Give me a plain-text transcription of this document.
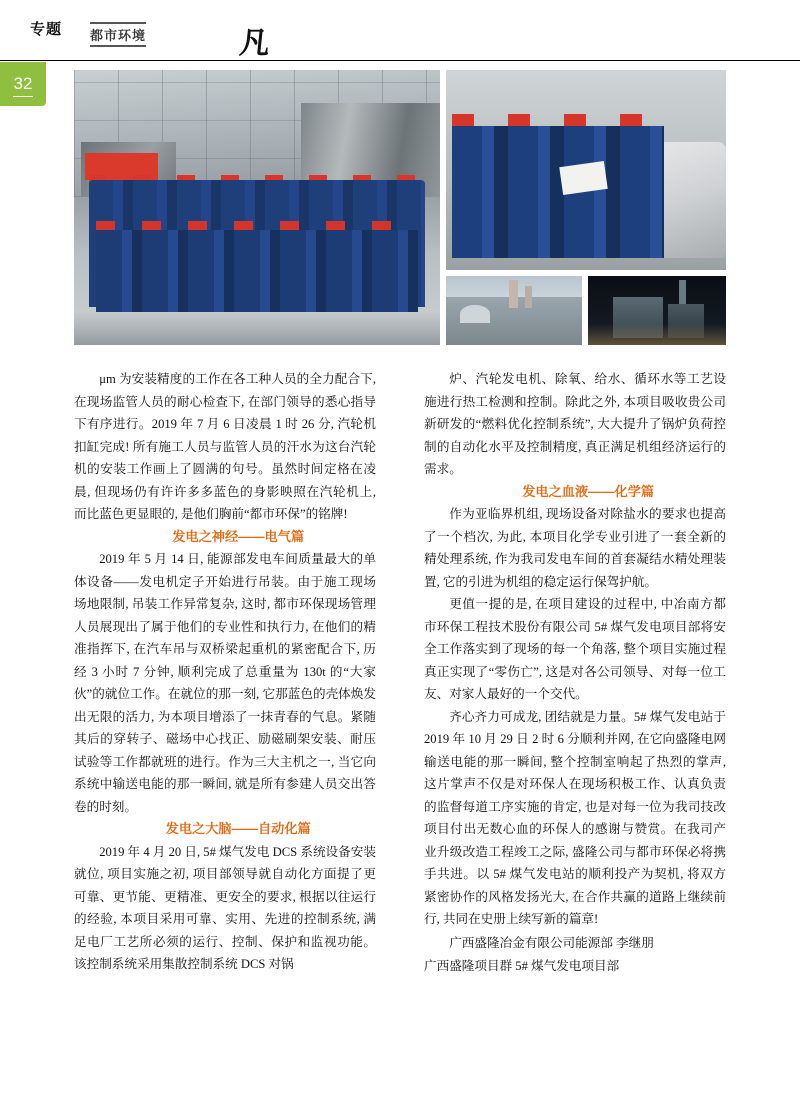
专题 都市环境	凡
32

μm 为安装精度的工作在各工种人员的全力配合下, 在现场监管人员的耐心检查下, 在部门领导的悉心指导下有序进行。2019 年 7 月 6 日凌晨 1 时 26 分, 汽轮机扣缸完成! 所有施工人员与监管人员的汗水为这台汽轮机的安装工作画上了圆满的句号。虽然时间定格在凌晨, 但现场仍有许许多多蓝色的身影映照在汽轮机上, 而比蓝色更显眼的, 是他们胸前“都市环保”的铭牌!

发电之神经——电气篇

2019 年 5 月 14 日, 能源部发电车间质量最大的单体设备——发电机定子开始进行吊装。由于施工现场场地限制, 吊装工作异常复杂, 这时, 都市环保现场管理人员展现出了属于他们的专业性和执行力, 在他们的精准指挥下, 在汽车吊与双桥梁起重机的紧密配合下, 历经 3 小时 7 分钟, 顺利完成了总重量为 130t 的“大家伙”的就位工作。在就位的那一刻, 它那蓝色的壳体焕发出无限的活力, 为本项目增添了一抹青春的气息。紧随其后的穿转子、磁场中心找正、励磁刷架安装、耐压试验等工作都就班的进行。作为三大主机之一, 当它向系统中输送电能的那一瞬间, 就是所有参建人员交出答卷的时刻。

发电之大脑——自动化篇

2019 年 4 月 20 日, 5# 煤气发电 DCS 系统设备安装就位, 项目实施之初, 项目部领导就自动化方面提了更可靠、更节能、更精准、更安全的要求, 根据以往运行的经验, 本项目采用可靠、实用、先进的控制系统, 满足电厂工艺所必须的运行、控制、保护和监视功能。该控制系统采用集散控制系统 DCS 对锅

炉、汽轮发电机、除氧、给水、循环水等工艺设施进行热工检测和控制。除此之外, 本项目吸收贵公司新研发的“燃料优化控制系统”, 大大提升了锅炉负荷控制的自动化水平及控制精度, 真正满足机组经济运行的需求。

发电之血液——化学篇

作为亚临界机组, 现场设备对除盐水的要求也提高了一个档次, 为此, 本项目化学专业引进了一套全新的精处理系统, 作为我司发电车间的首套凝结水精处理装置, 它的引进为机组的稳定运行保驾护航。

更值一提的是, 在项目建设的过程中, 中冶南方都市环保工程技术股份有限公司 5# 煤气发电项目部将安全工作落实到了现场的每一个角落, 整个项目实施过程真正实现了“零伤亡”, 这是对各公司领导、对每一位工友、对家人最好的一个交代。

齐心齐力可成龙, 团结就是力量。5# 煤气发电站于 2019 年 10 月 29 日 2 时 6 分顺利并网, 在它向盛隆电网输送电能的那一瞬间, 整个控制室响起了热烈的掌声, 这片掌声不仅是对环保人在现场积极工作、认真负责的监督每道工序实施的肯定, 也是对每一位为我司技改项目付出无数心血的环保人的感谢与赞赏。在我司产业升级改造工程竣工之际, 盛隆公司与都市环保必将携手共进。以 5# 煤气发电站的顺利投产为契机, 将双方紧密协作的风格发扬光大, 在合作共赢的道路上继续前行, 共同在史册上续写新的篇章!

广西盛隆冶金有限公司能源部 李继朋

广西盛隆项目群 5# 煤气发电项目部
